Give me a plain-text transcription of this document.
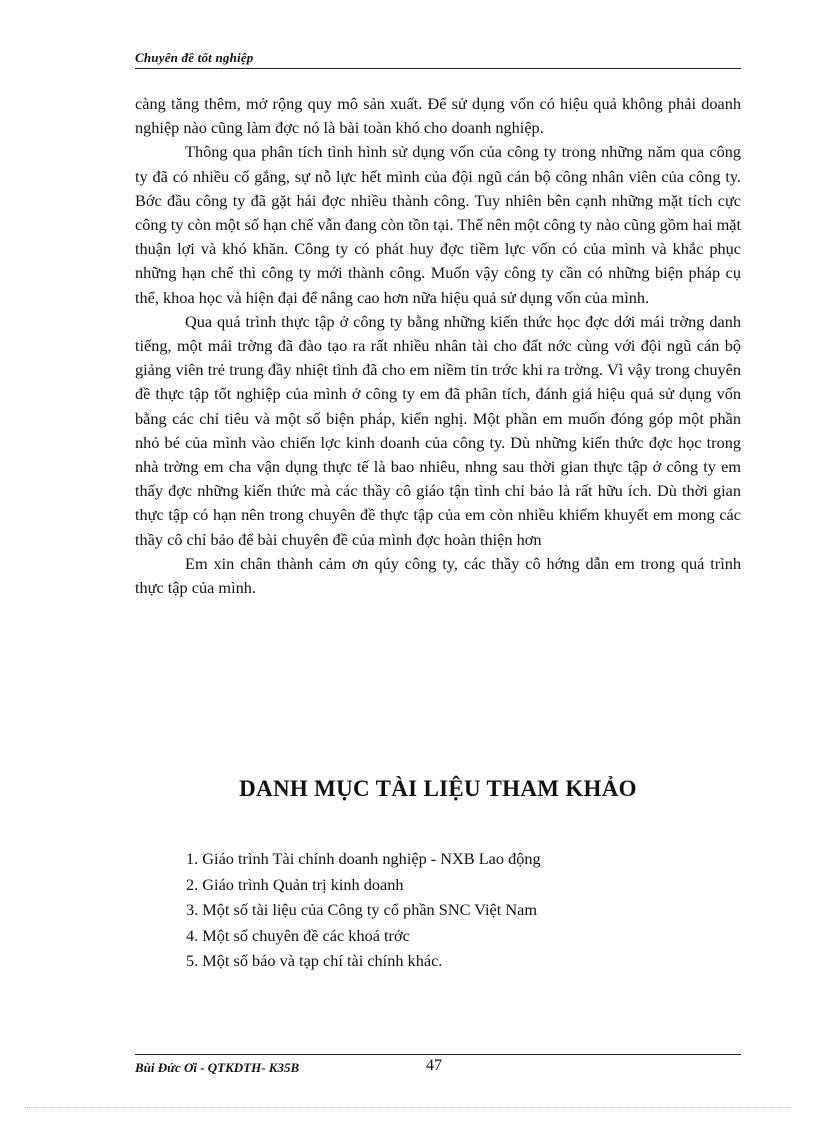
Chuyên đề tốt nghiệp

càng tăng thêm, mở rộng quy mô sản xuất. Để sử dụng vốn có hiệu quả không phải doanh nghiệp nào cũng làm đợc nó là bài toàn khó cho doanh nghiệp.

Thông qua phân tích tình hình sử dụng vốn của công ty trong những năm qua công ty đã có nhiều cố gắng, sự nỗ lực hết mình của đội ngũ cán bộ công nhân viên của công ty. Bớc đầu công ty đã gặt hái đợc nhiều thành công. Tuy nhiên bên cạnh những mặt tích cực công ty còn một số hạn chế vẫn đang còn tồn tại. Thế nên một công ty nào cũng gồm hai mặt thuận lợi và khó khăn. Công ty có phát huy đợc tiềm lực vốn có của mình và khắc phục những hạn chế thì công ty mới thành công. Muốn vậy công ty cần có những biện pháp cụ thể, khoa học và hiện đại để nâng cao hơn nữa hiệu quả sử dụng vốn của mình.

Qua quá trình thực tập ở công ty bằng những kiến thức học đợc dới mái trờng danh tiếng, một mái trờng đã đào tạo ra rất nhiều nhân tài cho đất nớc cùng với đội ngũ cán bộ giảng viên trẻ trung đầy nhiệt tình đã cho em niềm tin trớc khi ra trờng. Vì vậy trong chuyên đề thực tập tốt nghiệp của mình ở công ty em đã phân tích, đánh giá hiệu quả sử dụng vốn bằng các chỉ tiêu và một số biện pháp, kiến nghị. Một phần em muốn đóng góp một phần nhỏ bé của mình vào chiến lợc kinh doanh của công ty. Dù những kiến thức đợc học trong nhà trờng em cha vận dụng thực tế là bao nhiêu, nhng sau thời gian thực tập ở công ty em thấy đợc những kiến thức mà các thầy cô giáo tận tình chỉ bảo là rất hữu ích. Dù thời gian thực tập có hạn nên trong chuyên đề thực tập của em còn nhiều khiếm khuyết em mong các thầy cô chỉ bảo để bài chuyên đề của mình đợc hoàn thiện hơn

Em xin chân thành cảm ơn qúy công ty, các thầy cô hớng dẫn em trong quá trình thực tập của mình.

DANH MỤC TÀI LIỆU THAM KHẢO
1. Giáo trình Tài chính doanh nghiệp - NXB Lao động
2. Giáo trình Quản trị kinh doanh
3. Một số tài liệu của Công ty cổ phần SNC Việt Nam
4. Một số chuyên đề các khoá trớc
5. Một số báo và tạp chí tài chính khác.
Bùi Đức Ơi - QTKDTH- K35B	47
